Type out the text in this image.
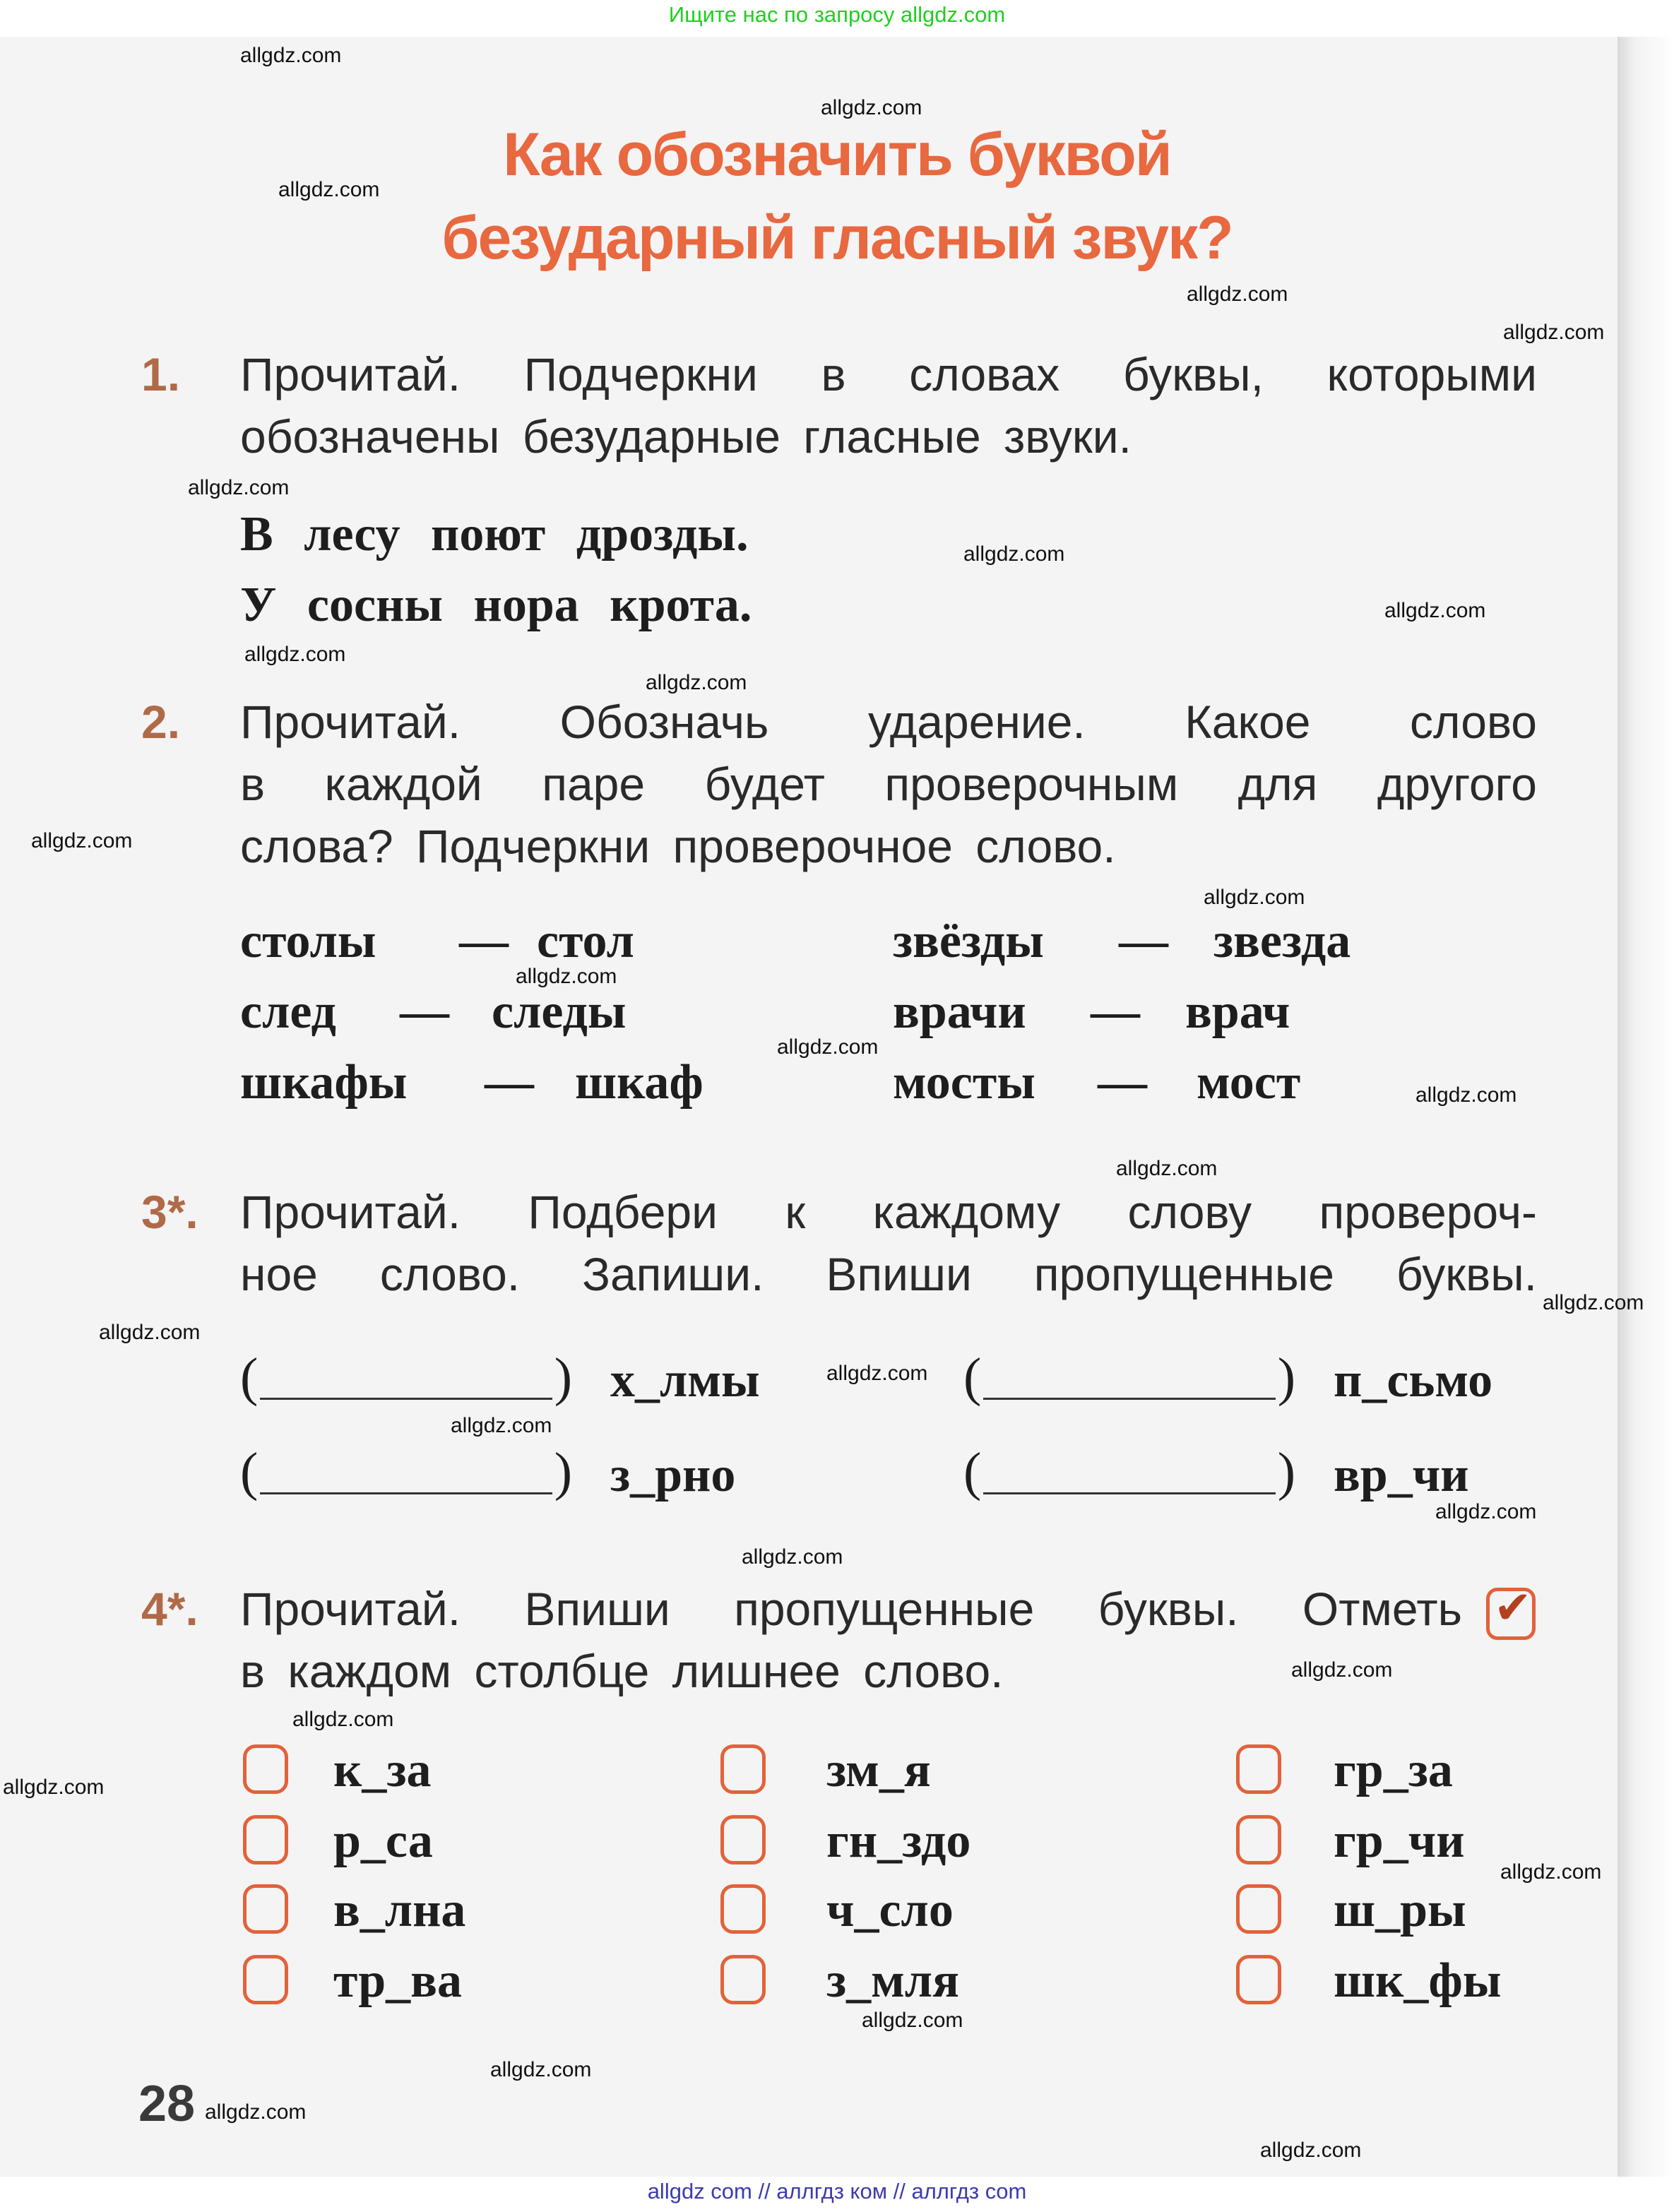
Ищите нас по запросу allgdz.com
Как обозначить буквой
безударный гласный звук?
1. Прочитай. Подчеркни в словах буквы, которыми
обозначены безударные гласные звуки.
В лесу поют дрозды.
У сосны нора крота.
2. Прочитай. Обозначь ударение. Какое слово
в каждой паре будет проверочным для другого
слова? Подчеркни проверочное слово.
столы — стол
след — следы
шкафы — шкаф
звёзды — звезда
врачи — врач
мосты — мост
3*. Прочитай. Подбери к каждому слову провероч-
ное слово. Запиши. Впиши пропущенные буквы.
(	) х_лмы	(	) п_сьмо
(	) з_рно	(	) вр_чи
4*. Прочитай. Впиши пропущенные буквы. Отметь ✔
в каждом столбце лишнее слово.
к_за
р_са
в_лна
тр_ва
зм_я
гн_здо
ч_сло
з_мля
гр_за
гр_чи
ш_ры
шк_фы
28
allgdz com // аллгдз ком // аллгдз com
allgdz.com
allgdz.com
allgdz.com
allgdz.com
allgdz.com
allgdz.com
allgdz.com
allgdz.com
allgdz.com
allgdz.com
allgdz.com
allgdz.com
allgdz.com
allgdz.com
allgdz.com
allgdz.com
allgdz.com
allgdz.com
allgdz.com
allgdz.com
allgdz.com
allgdz.com
allgdz.com
allgdz.com
allgdz.com
allgdz.com
allgdz.com
allgdz.com
allgdz.com
allgdz.com
